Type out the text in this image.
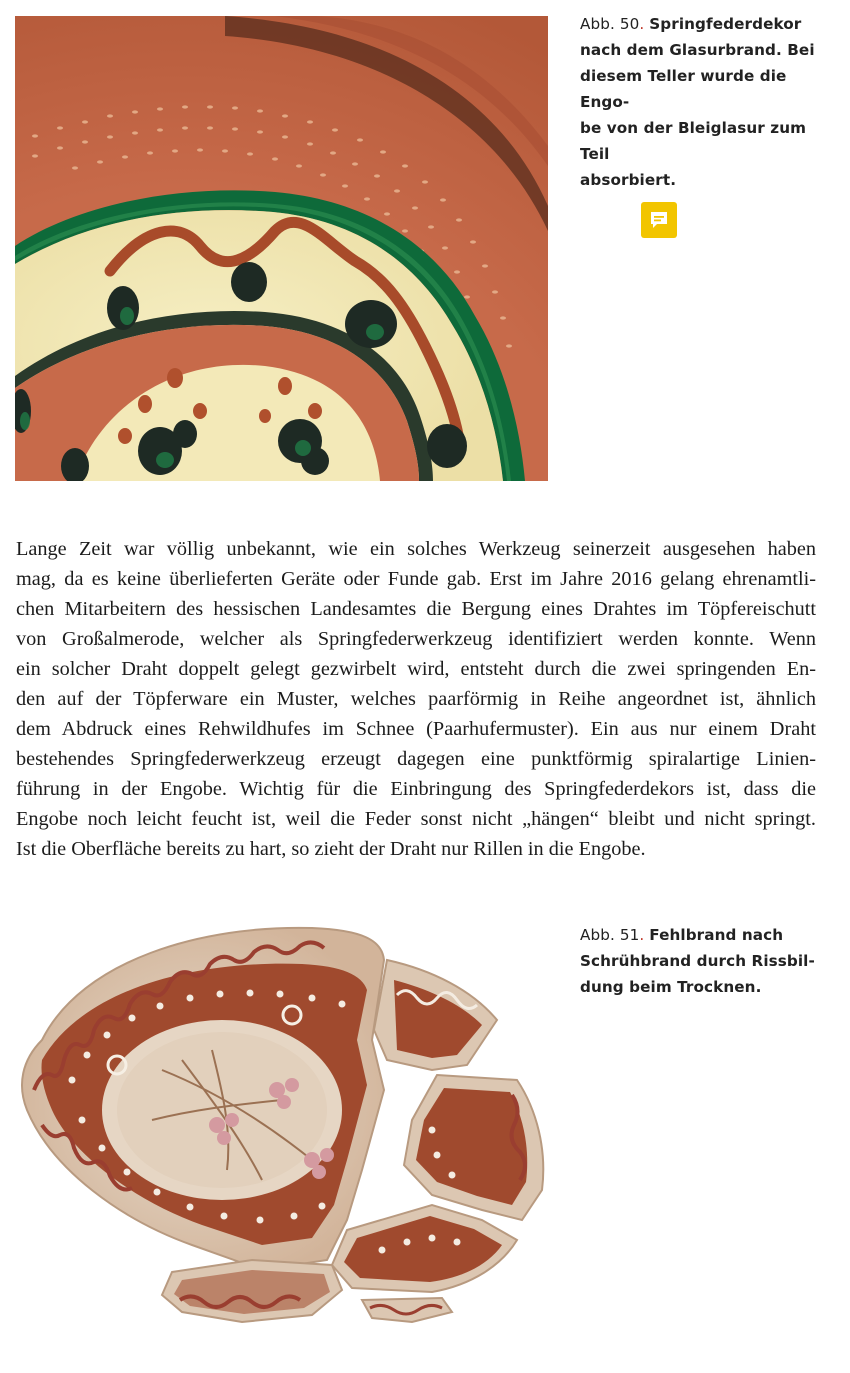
Abb. 50. Springfederdekor
nach dem Glasurbrand. Bei
diesem Teller wurde die Engo-
be von der Bleiglasur zum Teil
absorbiert.
Lange Zeit war völlig unbekannt, wie ein solches Werkzeug seinerzeit ausgesehen haben
mag, da es keine überlieferten Geräte oder Funde gab. Erst im Jahre 2016 gelang ehrenamtli-
chen Mitarbeitern des hessischen Landesamtes die Bergung eines Drahtes im Töpfereischutt
von Großalmerode, welcher als Springfederwerkzeug identifiziert werden konnte. Wenn
ein solcher Draht doppelt gelegt gezwirbelt wird, entsteht durch die zwei springenden En-
den auf der Töpferware ein Muster, welches paarförmig in Reihe angeordnet ist, ähnlich
dem Abdruck eines Rehwildhufes im Schnee (Paarhufermuster). Ein aus nur einem Draht
bestehendes Springfederwerkzeug erzeugt dagegen eine punktförmig spiralartige Linien-
führung in der Engobe. Wichtig für die Einbringung des Springfederdekors ist, dass die
Engobe noch leicht feucht ist, weil die Feder sonst nicht „hängen“ bleibt und nicht springt.
Ist die Oberfläche bereits zu hart, so zieht der Draht nur Rillen in die Engobe.
Abb. 51. Fehlbrand nach
Schrühbrand durch Rissbil-
dung beim Trocknen.
